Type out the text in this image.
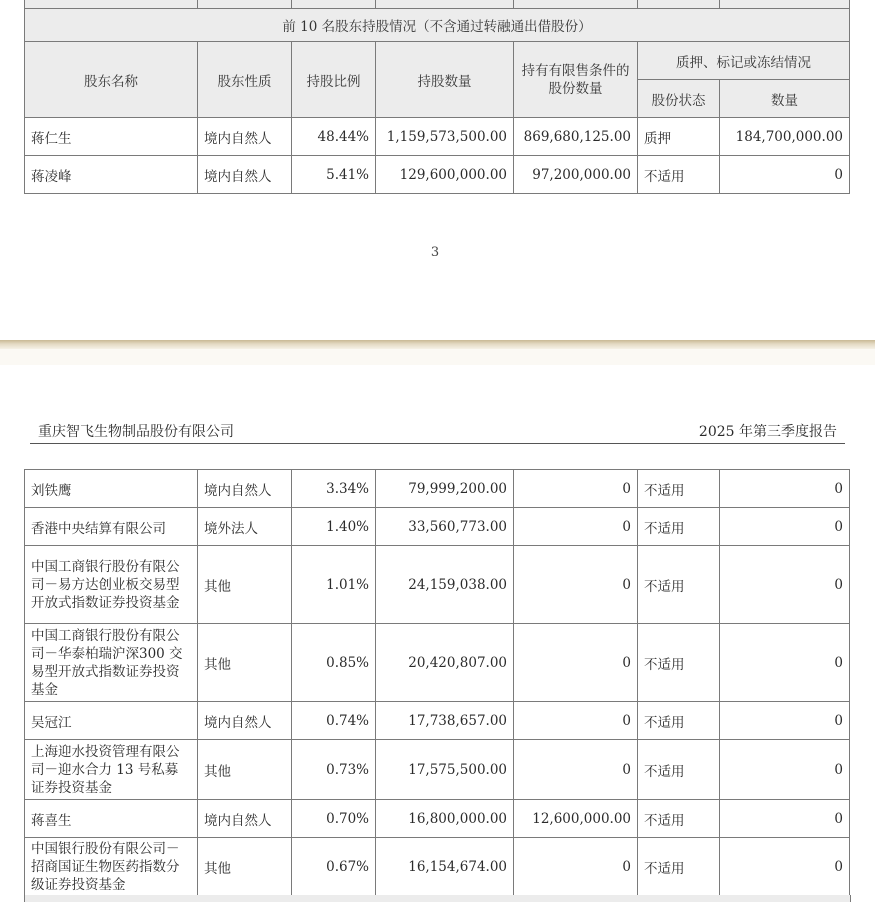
前 10 名股东持股情况（不含通过转融通出借股份）						
股东名称	股东性质	持股比例	持股数量	持有有限售条件的股份数量	质押、标记或冻结情况	
					股份状态	数量
蒋仁生	境内自然人	48.44%	1,159,573,500.00	869,680,125.00	质押	184,700,000.00
蒋凌峰	境内自然人	5.41%	129,600,000.00	97,200,000.00	不适用	0
3
重庆智飞生物制品股份有限公司	2025 年第三季度报告
刘铁鹰	境内自然人	3.34%	79,999,200.00	0	不适用	0
香港中央结算有限公司	境外法人	1.40%	33,560,773.00	0	不适用	0
中国工商银行股份有限公司－易方达创业板交易型开放式指数证券投资基金	其他	1.01%	24,159,038.00	0	不适用	0
中国工商银行股份有限公司－华泰柏瑞沪深300 交易型开放式指数证券投资基金	其他	0.85%	20,420,807.00	0	不适用	0
吴冠江	境内自然人	0.74%	17,738,657.00	0	不适用	0
上海迎水投资管理有限公司－迎水合力 13 号私募证券投资基金	其他	0.73%	17,575,500.00	0	不适用	0
蒋喜生	境内自然人	0.70%	16,800,000.00	12,600,000.00	不适用	0
中国银行股份有限公司－招商国证生物医药指数分级证券投资基金	其他	0.67%	16,154,674.00	0	不适用	0
